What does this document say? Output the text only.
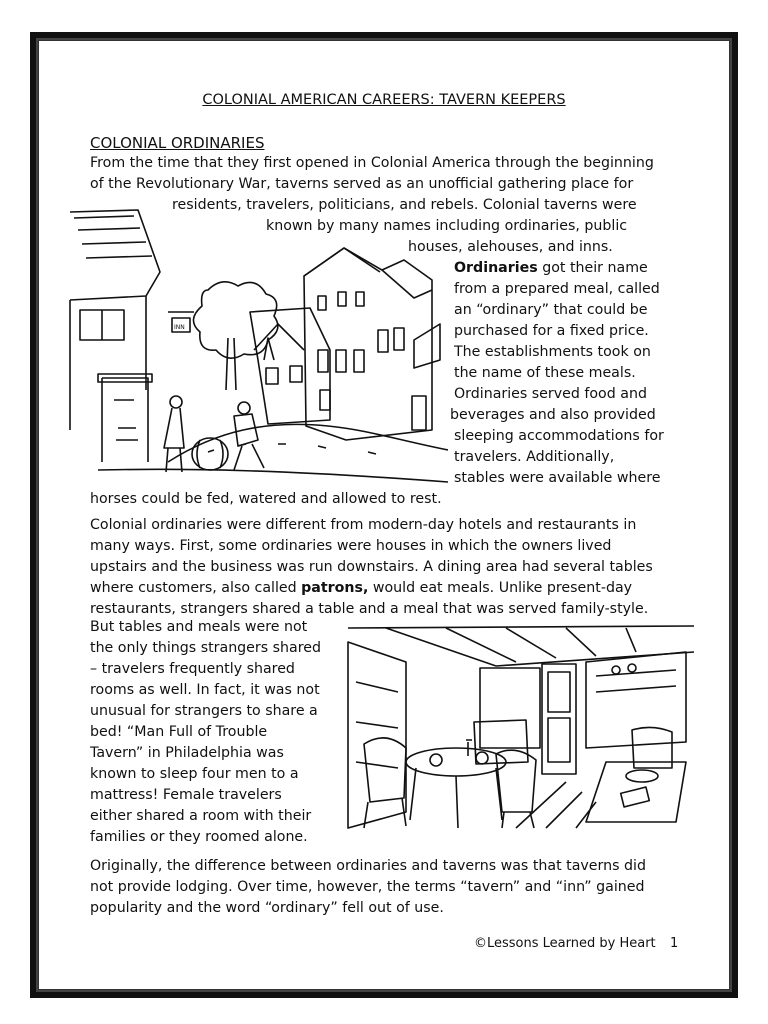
COLONIAL AMERICAN CAREERS: TAVERN KEEPERS
COLONIAL ORDINARIES
From the time that they first opened in Colonial America through the beginning
of the Revolutionary War, taverns served as an unofficial gathering place for
residents, travelers, politicians, and rebels. Colonial taverns were
known by many names including ordinaries, public
houses, alehouses, and inns.
Ordinaries got their name
from a prepared meal, called
an “ordinary” that could be
purchased for a fixed price.
The establishments took on
the name of these meals.
Ordinaries served food and
beverages and also provided
sleeping accommodations for
travelers. Additionally,
stables were available where
horses could be fed, watered and allowed to rest.
Colonial ordinaries were different from modern-day hotels and restaurants in
many ways. First, some ordinaries were houses in which the owners lived
upstairs and the business was run downstairs. A dining area had several tables
where customers, also called patrons, would eat meals. Unlike present-day
restaurants, strangers shared a table and a meal that was served family-style.
But tables and meals were not
the only things strangers shared
– travelers frequently shared
rooms as well. In fact, it was not
unusual for strangers to share a
bed! “Man Full of Trouble
Tavern” in Philadelphia was
known to sleep four men to a
mattress! Female travelers
either shared a room with their
families or they roomed alone.
Originally, the difference between ordinaries and taverns was that taverns did
not provide lodging. Over time, however, the terms “tavern” and “inn” gained
popularity and the word “ordinary” fell out of use.
©Lessons Learned by Heart 1
INN
